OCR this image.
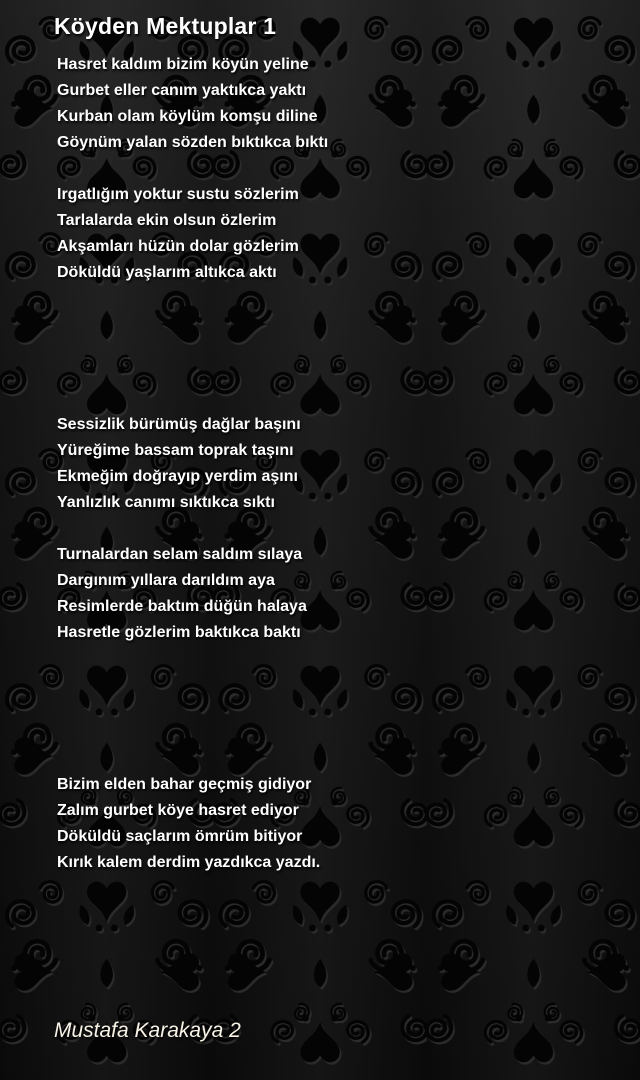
Köyden Mektuplar 1

Hasret kaldım bizim köyün yeline

Gurbet eller canım yaktıkca yaktı

Kurban olam köylüm komşu diline

Göynüm yalan sözden bıktıkca bıktı

Irgatlığım yoktur sustu sözlerim

Tarlalarda ekin olsun özlerim

Akşamları hüzün dolar gözlerim

Döküldü yaşlarım altıkca aktı

Sessizlik bürümüş dağlar başını

Yüreğime bassam toprak taşını

Ekmeğim doğrayıp yerdim aşını

Yanlızlık canımı sıktıkca sıktı

Turnalardan selam saldım sılaya

Dargınım yıllara darıldım aya

Resimlerde baktım düğün halaya

Hasretle gözlerim baktıkca baktı

Bizim elden bahar geçmiş gidiyor

Zalım gurbet köye hasret ediyor

Döküldü saçlarım ömrüm bitiyor

Kırık kalem derdim yazdıkca yazdı.

Mustafa Karakaya 2
